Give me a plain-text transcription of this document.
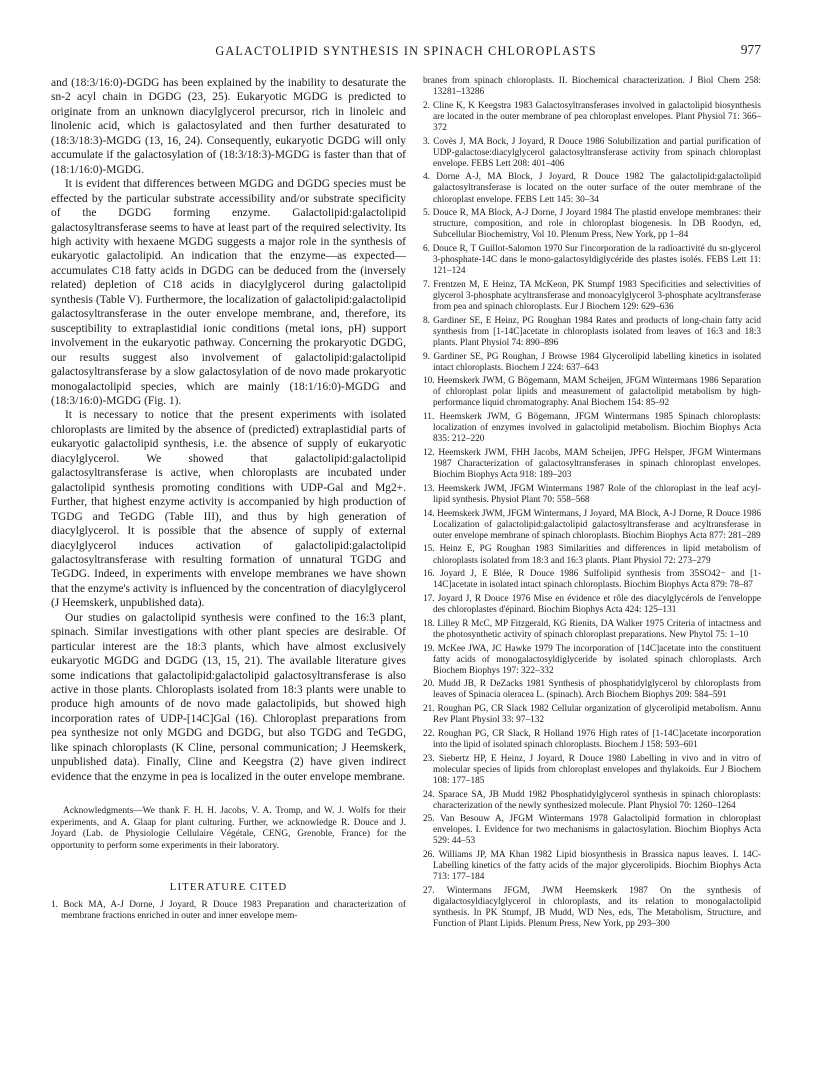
GALACTOLIPID SYNTHESIS IN SPINACH CHLOROPLASTS	977

and (18:3/16:0)-DGDG has been explained by the inability to desaturate the sn-2 acyl chain in DGDG (23, 25). Eukaryotic MGDG is predicted to originate from an unknown diacylglycerol precursor, rich in linoleic and linolenic acid, which is galactosylated and then further desaturated to (18:3/18:3)-MGDG (13, 16, 24). Consequently, eukaryotic DGDG will only accumulate if the galactosylation of (18:3/18:3)-MGDG is faster than that of (18:1/16:0)-MGDG.

It is evident that differences between MGDG and DGDG species must be effected by the particular substrate accessibility and/or substrate specificity of the DGDG forming enzyme. Galactolipid:galactolipid galactosyltransferase seems to have at least part of the required selectivity. Its high activity with hexaene MGDG suggests a major role in the synthesis of eukaryotic galactolipid. An indication that the enzyme—as expected—accumulates C18 fatty acids in DGDG can be deduced from the (inversely related) depletion of C18 acids in diacylglycerol during galactolipid synthesis (Table V). Furthermore, the localization of galactolipid:galactolipid galactosyltransferase in the outer envelope membrane, and, therefore, its susceptibility to extraplastidial ionic conditions (metal ions, pH) support involvement in the eukaryotic pathway. Concerning the prokaryotic DGDG, our results suggest also involvement of galactolipid:galactolipid galactosyltransferase by a slow galactosylation of de novo made prokaryotic monogalactolipid species, which are mainly (18:1/16:0)-MGDG and (18:3/16:0)-MGDG (Fig. 1).

It is necessary to notice that the present experiments with isolated chloroplasts are limited by the absence of (predicted) extraplastidial parts of eukaryotic galactolipid synthesis, i.e. the absence of supply of eukaryotic diacylglycerol. We showed that galactolipid:galactolipid galactosyltransferase is active, when chloroplasts are incubated under galactolipid synthesis promoting conditions with UDP-Gal and Mg2+. Further, that highest enzyme activity is accompanied by high production of TGDG and TeGDG (Table III), and thus by high generation of diacylglycerol. It is possible that the absence of supply of external diacylglycerol induces activation of galactolipid:galactolipid galactosyltransferase with resulting formation of unnatural TGDG and TeGDG. Indeed, in experiments with envelope membranes we have shown that the enzyme's activity is influenced by the concentration of diacylglycerol (J Heemskerk, unpublished data).

Our studies on galactolipid synthesis were confined to the 16:3 plant, spinach. Similar investigations with other plant species are desirable. Of particular interest are the 18:3 plants, which have almost exclusively eukaryotic MGDG and DGDG (13, 15, 21). The available literature gives some indications that galactolipid:galactolipid galactosyltransferase is also active in those plants. Chloroplasts isolated from 18:3 plants were unable to produce high amounts of de novo made galactolipids, but showed high incorporation rates of UDP-[14C]Gal (16). Chloroplast preparations from pea synthesize not only MGDG and DGDG, but also TGDG and TeGDG, like spinach chloroplasts (K Cline, personal communication; J Heemskerk, unpublished data). Finally, Cline and Keegstra (2) have given indirect evidence that the enzyme in pea is localized in the outer envelope membrane.

Acknowledgments—We thank F. H. H. Jacobs, V. A. Tromp, and W. J. Wolfs for their experiments, and A. Glaap for plant culturing. Further, we acknowledge R. Douce and J. Joyard (Lab. de Physiologie Cellulaire Végétale, CENG, Grenoble, France) for the opportunity to perform some experiments in their laboratory.

LITERATURE CITED

1. Bock MA, A-J Dorne, J Joyard, R Douce 1983 Preparation and characterization of membrane fractions enriched in outer and inner envelope mem-

branes from spinach chloroplasts. II. Biochemical characterization. J Biol Chem 258: 13281–13286

2. Cline K, K Keegstra 1983 Galactosyltransferases involved in galactolipid biosynthesis are located in the outer membrane of pea chloroplast envelopes. Plant Physiol 71: 366–372

3. Covès J, MA Bock, J Joyard, R Douce 1986 Solubilization and partial purification of UDP-galactose:diacylglycerol galactosyltransferase activity from spinach chloroplast envelope. FEBS Lett 208: 401–406

4. Dorne A-J, MA Block, J Joyard, R Douce 1982 The galactolipid:galactolipid galactosyltransferase is located on the outer surface of the outer membrane of the chloroplast envelope. FEBS Lett 145: 30–34

5. Douce R, MA Block, A-J Dorne, J Joyard 1984 The plastid envelope membranes: their structure, composition, and role in chloroplast biogenesis. In DB Roodyn, ed, Subcellular Biochemistry, Vol 10. Plenum Press, New York, pp 1–84

6. Douce R, T Guillot-Salomon 1970 Sur l'incorporation de la radioactivité du sn-glycerol 3-phosphate-14C dans le mono-galactosyldiglycéride des plastes isolés. FEBS Lett 11: 121–124

7. Frentzen M, E Heinz, TA McKeon, PK Stumpf 1983 Specificities and selectivities of glycerol 3-phosphate acyltransferase and monoacylglycerol 3-phosphate acyltransferase from pea and spinach chloroplasts. Eur J Biochem 129: 629–636

8. Gardiner SE, E Heinz, PG Roughan 1984 Rates and products of long-chain fatty acid synthesis from [1-14C]acetate in chloroplasts isolated from leaves of 16:3 and 18:3 plants. Plant Physiol 74: 890–896

9. Gardiner SE, PG Roughan, J Browse 1984 Glycerolipid labelling kinetics in isolated intact chloroplasts. Biochem J 224: 637–643

10. Heemskerk JWM, G Bögemann, MAM Scheijen, JFGM Wintermans 1986 Separation of chloroplast polar lipids and measurement of galactolipid metabolism by high-performance liquid chromatography. Anal Biochem 154: 85–92

11. Heemskerk JWM, G Bögemann, JFGM Wintermans 1985 Spinach chloroplasts: localization of enzymes involved in galactolipid metabolism. Biochim Biophys Acta 835: 212–220

12. Heemskerk JWM, FHH Jacobs, MAM Scheijen, JPFG Helsper, JFGM Wintermans 1987 Characterization of galactosyltransferases in spinach chloroplast envelopes. Biochim Biophys Acta 918: 189–203

13. Heemskerk JWM, JFGM Wintermans 1987 Role of the chloroplast in the leaf acyl-lipid synthesis. Physiol Plant 70: 558–568

14. Heemskerk JWM, JFGM Wintermans, J Joyard, MA Block, A-J Dorne, R Douce 1986 Localization of galactolipid:galactolipid galactosyltransferase and acyltransferase in outer envelope membrane of spinach chloroplasts. Biochim Biophys Acta 877: 281–289

15. Heinz E, PG Roughan 1983 Similarities and differences in lipid metabolism of chloroplasts isolated from 18:3 and 16:3 plants. Plant Physiol 72: 273–279

16. Joyard J, E Blée, R Douce 1986 Sulfolipid synthesis from 35SO42− and [1-14C]acetate in isolated intact spinach chloroplasts. Biochim Biophys Acta 879: 78–87

17. Joyard J, R Douce 1976 Mise en évidence et rôle des diacylglycérols de l'enveloppe des chloroplastes d'épinard. Biochim Biophys Acta 424: 125–131

18. Lilley R McC, MP Fitzgerald, KG Rienits, DA Walker 1975 Criteria of intactness and the photosynthetic activity of spinach chloroplast preparations. New Phytol 75: 1–10

19. McKee JWA, JC Hawke 1979 The incorporation of [14C]acetate into the constituent fatty acids of monogalactosyldiglyceride by isolated spinach chloroplasts. Arch Biochem Biophys 197: 322–332

20. Mudd JB, R DeZacks 1981 Synthesis of phosphatidylglycerol by chloroplasts from leaves of Spinacia oleracea L. (spinach). Arch Biochem Biophys 209: 584–591

21. Roughan PG, CR Slack 1982 Cellular organization of glycerolipid metabolism. Annu Rev Plant Physiol 33: 97–132

22. Roughan PG, CR Slack, R Holland 1976 High rates of [1-14C]acetate incorporation into the lipid of isolated spinach chloroplasts. Biochem J 158: 593–601

23. Siebertz HP, E Heinz, J Joyard, R Douce 1980 Labelling in vivo and in vitro of molecular species of lipids from chloroplast envelopes and thylakoids. Eur J Biochem 108: 177–185

24. Sparace SA, JB Mudd 1982 Phosphatidylglycerol synthesis in spinach chloroplasts: characterization of the newly synthesized molecule. Plant Physiol 70: 1260–1264

25. Van Besouw A, JFGM Wintermans 1978 Galactolipid formation in chloroplast envelopes. I. Evidence for two mechanisms in galactosylation. Biochim Biophys Acta 529: 44–53

26. Williams JP, MA Khan 1982 Lipid biosynthesis in Brassica napus leaves. I. 14C-Labelling kinetics of the fatty acids of the major glycerolipids. Biochim Biophys Acta 713: 177–184

27. Wintermans JFGM, JWM Heemskerk 1987 On the synthesis of digalactosyldiacylglycerol in chloroplasts, and its relation to monogalactolipid synthesis. In PK Stumpf, JB Mudd, WD Nes, eds, The Metabolism, Structure, and Function of Plant Lipids. Plenum Press, New York, pp 293–300
